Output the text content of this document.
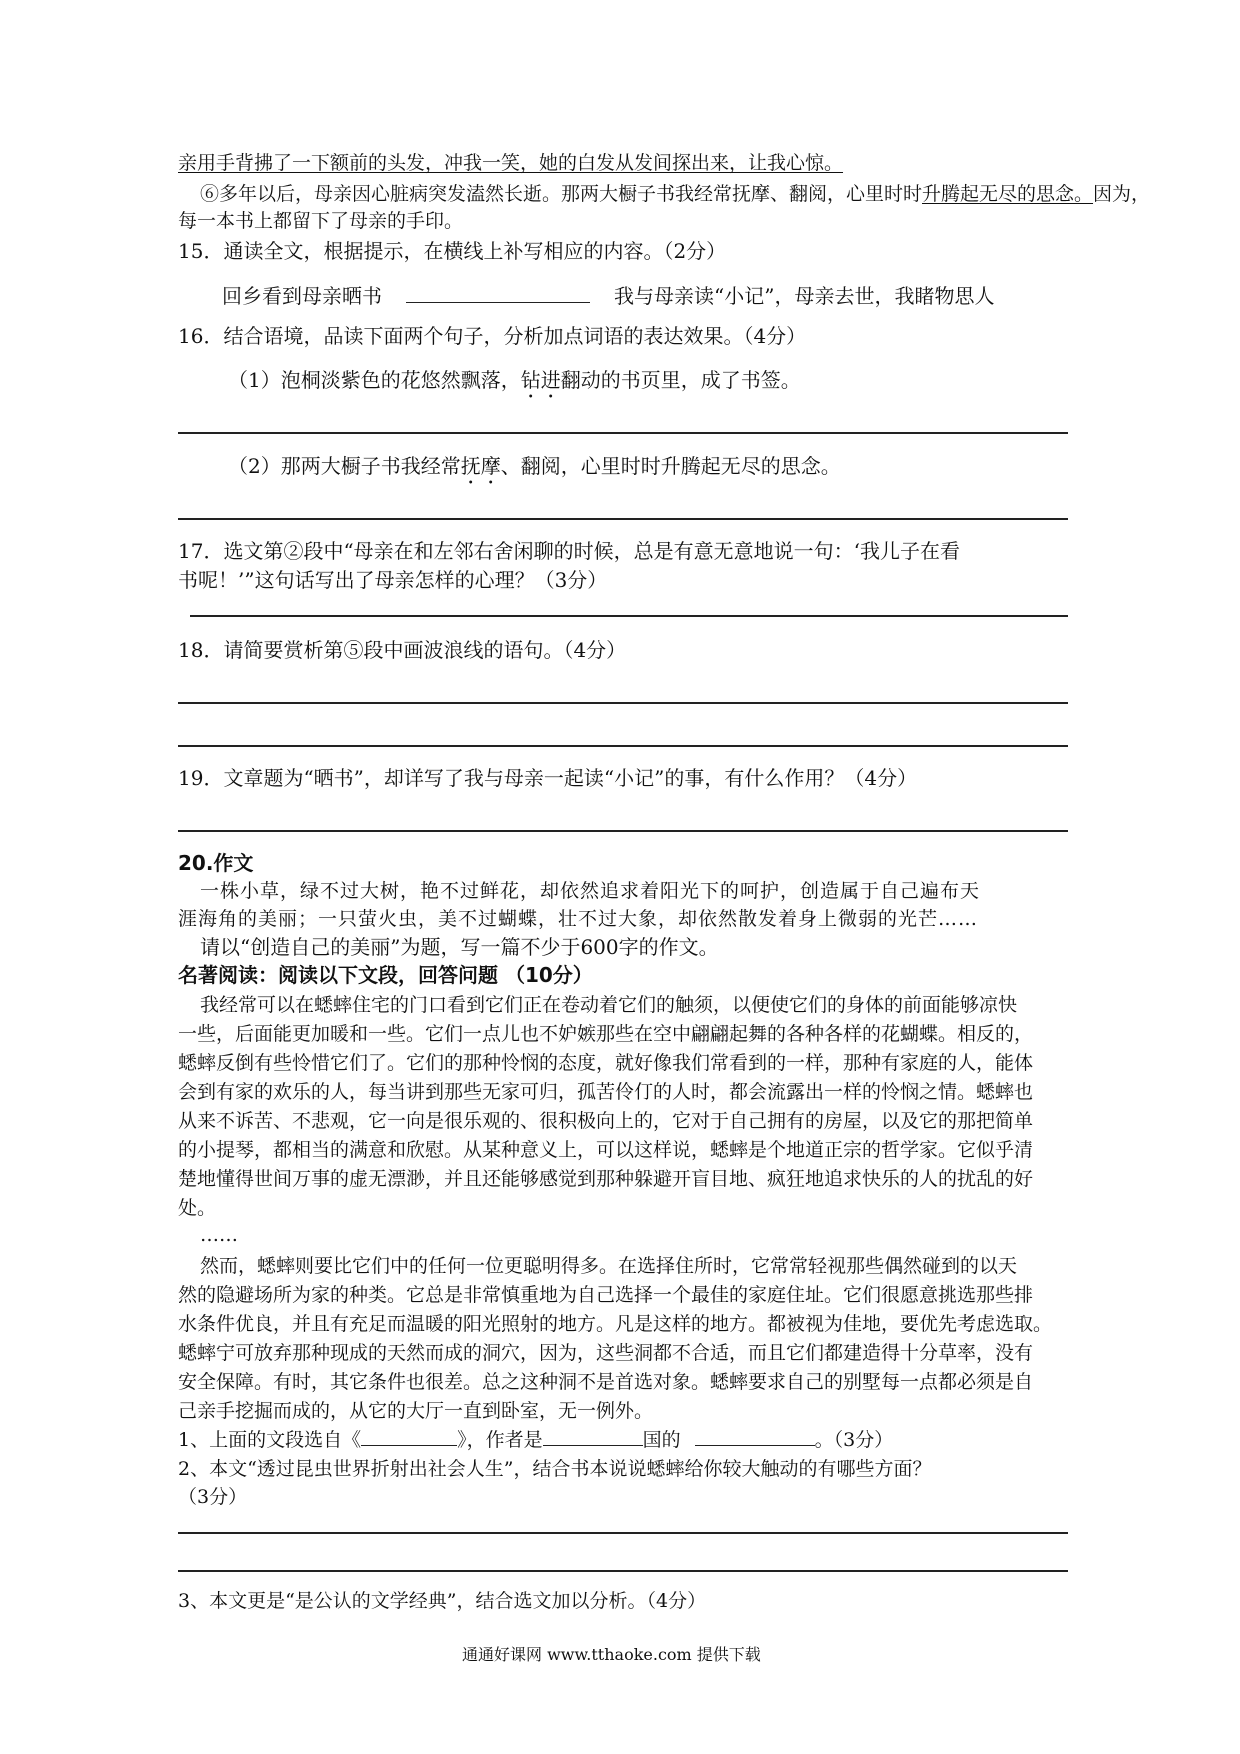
亲用手背拂了一下额前的头发，冲我一笑，她的白发从发间探出来，让我心惊。
⑥多年以后，母亲因心脏病突发溘然长逝。那两大橱子书我经常抚摩、翻阅，心里时时升腾起无尽的思念。因为，
每一本书上都留下了母亲的手印。
15．通读全文，根据提示，在横线上补写相应的内容。（2分）
回乡看到母亲晒书	我与母亲读“小记”，母亲去世，我睹物思人
16．结合语境，品读下面两个句子，分析加点词语的表达效果。（4分）
（1）泡桐淡紫色的花悠然飘落，钻进翻动的书页里，成了书签。
（2）那两大橱子书我经常抚摩、翻阅，心里时时升腾起无尽的思念。
17．选文第②段中“母亲在和左邻右舍闲聊的时候，总是有意无意地说一句：‘我儿子在看
书呢！’”这句话写出了母亲怎样的心理？（3分）
18．请简要赏析第⑤段中画波浪线的语句。（4分）
19．文章题为“晒书”，却详写了我与母亲一起读“小记”的事，有什么作用？（4分）
20.作文
一株小草，绿不过大树，艳不过鲜花，却依然追求着阳光下的呵护，创造属于自己遍布天
涯海角的美丽；一只萤火虫，美不过蝴蝶，壮不过大象，却依然散发着身上微弱的光芒……
请以“创造自己的美丽”为题，写一篇不少于600字的作文。
名著阅读：阅读以下文段，回答问题 （10分）
我经常可以在蟋蟀住宅的门口看到它们正在卷动着它们的触须，以便使它们的身体的前面能够凉快
一些，后面能更加暖和一些。它们一点儿也不妒嫉那些在空中翩翩起舞的各种各样的花蝴蝶。相反的，
蟋蟀反倒有些怜惜它们了。它们的那种怜悯的态度，就好像我们常看到的一样，那种有家庭的人，能体
会到有家的欢乐的人，每当讲到那些无家可归，孤苦伶仃的人时，都会流露出一样的怜悯之情。蟋蟀也
从来不诉苦、不悲观，它一向是很乐观的、很积极向上的，它对于自己拥有的房屋，以及它的那把简单
的小提琴，都相当的满意和欣慰。从某种意义上，可以这样说，蟋蟀是个地道正宗的哲学家。它似乎清
楚地懂得世间万事的虚无漂渺，并且还能够感觉到那种躲避开盲目地、疯狂地追求快乐的人的扰乱的好
处。
……
然而，蟋蟀则要比它们中的任何一位更聪明得多。在选择住所时，它常常轻视那些偶然碰到的以天
然的隐避场所为家的种类。它总是非常慎重地为自己选择一个最佳的家庭住址。它们很愿意挑选那些排
水条件优良，并且有充足而温暖的阳光照射的地方。凡是这样的地方。都被视为佳地，要优先考虑选取。
蟋蟀宁可放弃那种现成的天然而成的洞穴，因为，这些洞都不合适，而且它们都建造得十分草率，没有
安全保障。有时，其它条件也很差。总之这种洞不是首选对象。蟋蟀要求自己的别墅每一点都必须是自
己亲手挖掘而成的，从它的大厅一直到卧室，无一例外。
1、上面的文段选自《	》，作者是	国的	。（3分）
2、本文“透过昆虫世界折射出社会人生”，结合书本说说蟋蟀给你较大触动的有哪些方面？
（3分）
3、本文更是“是公认的文学经典”，结合选文加以分析。（4分）
通通好课网 www.tthaoke.com 提供下载
